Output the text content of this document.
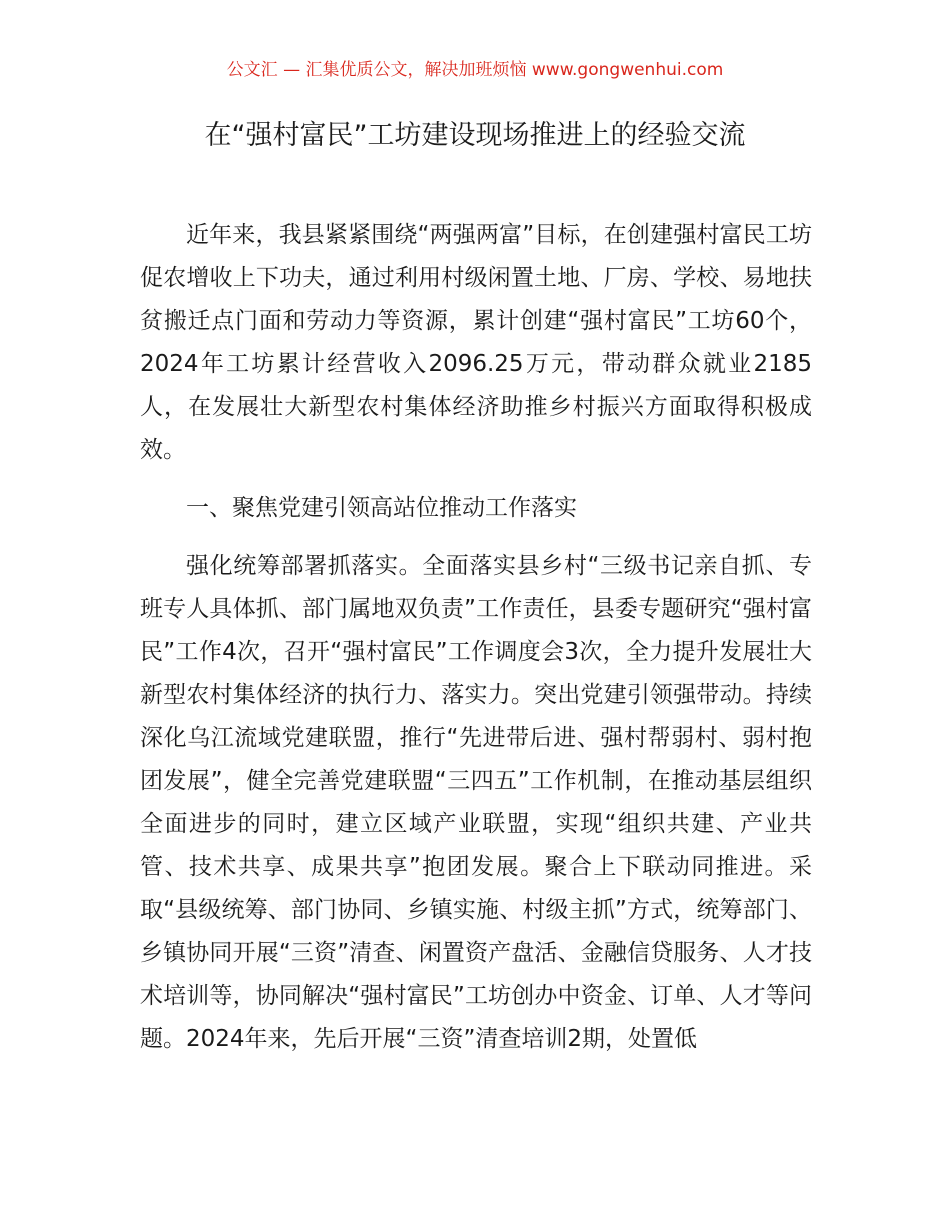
公文汇 — 汇集优质公文，解决加班烦恼 www.gongwenhui.com
在“强村富民”工坊建设现场推进上的经验交流

近年来，我县紧紧围绕“两强两富”目标，在创建强村富民工坊促农增收上下功夫，通过利用村级闲置土地、厂房、学校、易地扶贫搬迁点门面和劳动力等资源，累计创建“强村富民”工坊60个，2024年工坊累计经营收入2096.25万元，带动群众就业2185人，在发展壮大新型农村集体经济助推乡村振兴方面取得积极成效。

一、聚焦党建引领高站位推动工作落实

强化统筹部署抓落实。全面落实县乡村“三级书记亲自抓、专班专人具体抓、部门属地双负责”工作责任，县委专题研究“强村富民”工作4次，召开“强村富民”工作调度会3次，全力提升发展壮大新型农村集体经济的执行力、落实力。突出党建引领强带动。持续深化乌江流域党建联盟，推行“先进带后进、强村帮弱村、弱村抱团发展”，健全完善党建联盟“三四五”工作机制，在推动基层组织全面进步的同时，建立区域产业联盟，实现“组织共建、产业共管、技术共享、成果共享”抱团发展。聚合上下联动同推进。采取“县级统筹、部门协同、乡镇实施、村级主抓”方式，统筹部门、乡镇协同开展“三资”清查、闲置资产盘活、金融信贷服务、人才技术培训等，协同解决“强村富民”工坊创办中资金、订单、人才等问题。2024年来，先后开展“三资”清查培训2期，处置低
